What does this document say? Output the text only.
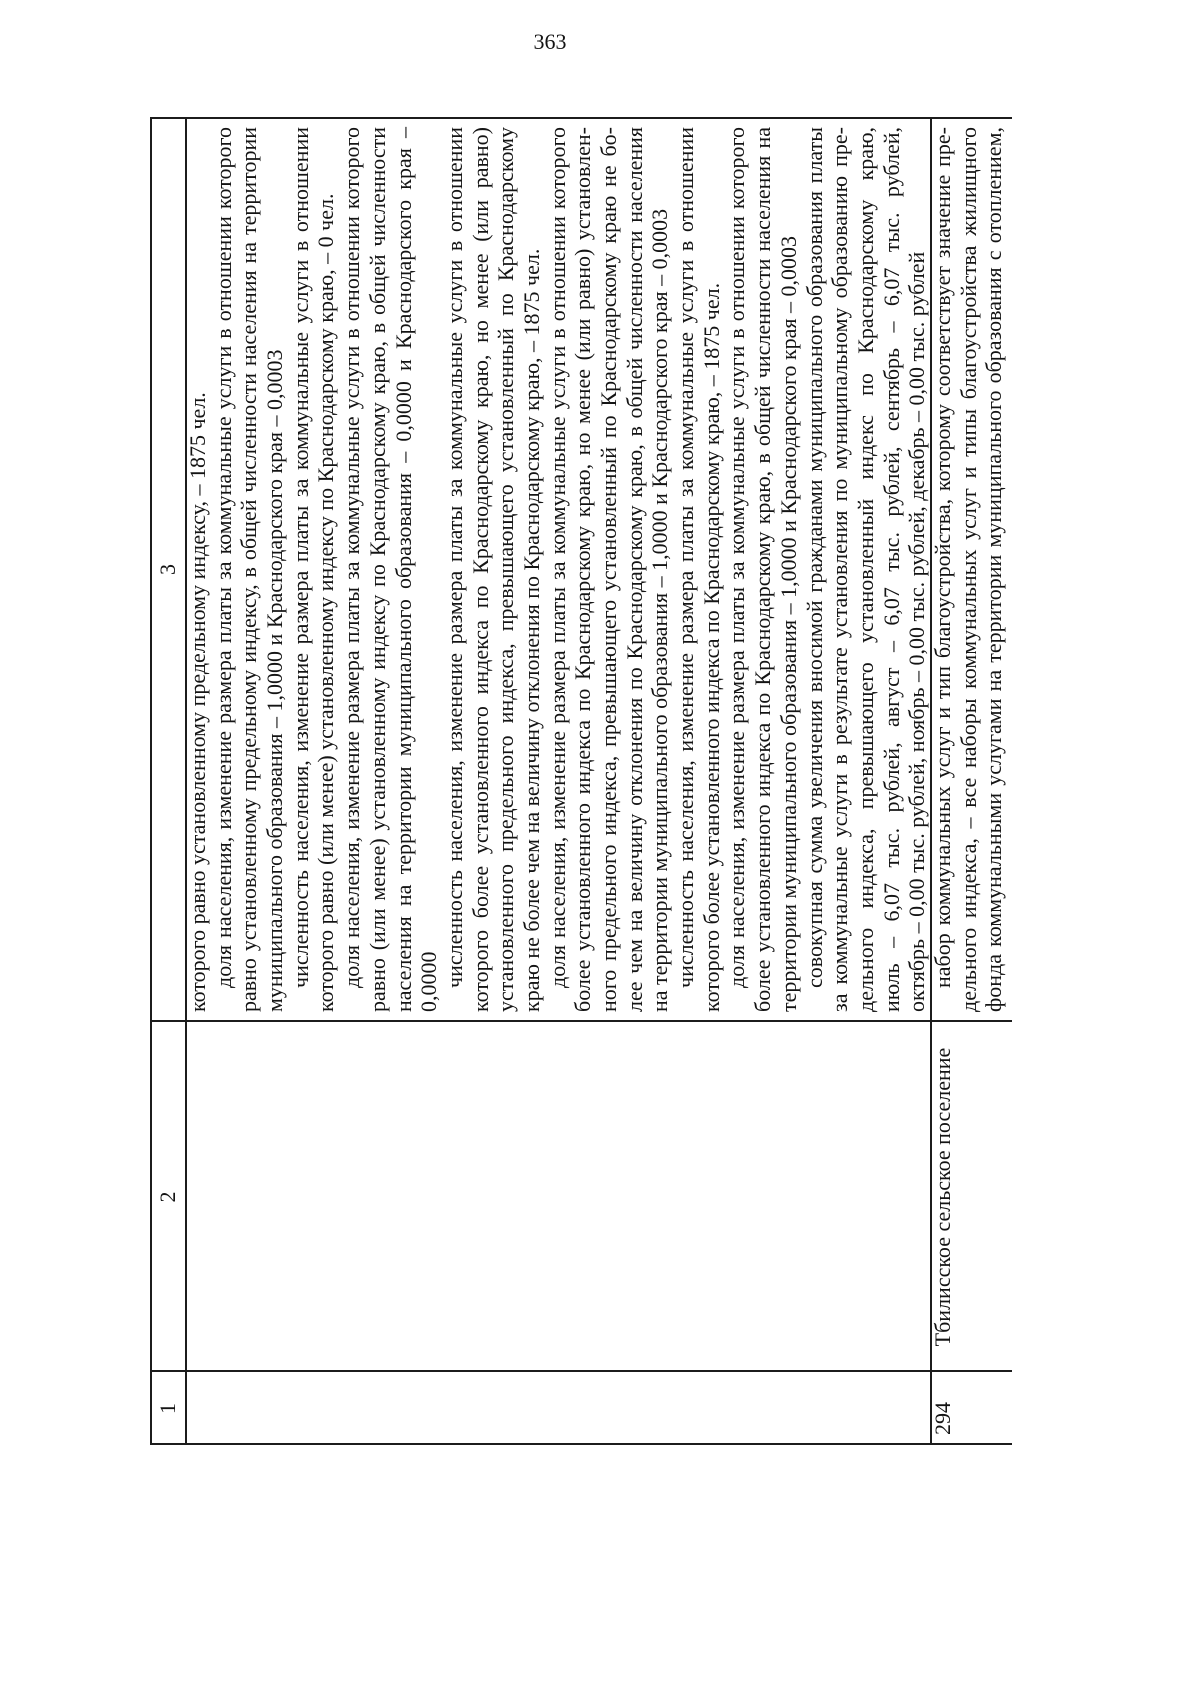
363
1
2
3 которого равно установленному предельному индексу, – 1875 чел. доля населения, изменение размера платы за коммунальные услуги в отношении которого равно установленному предельному индексу, в общей численности населения на территории муниципального образования – 1,0000 и Краснодарского края – 0,0003 численность населения, изменение размера платы за коммунальные услуги в отношении которого равно (или менее) установленному индексу по Краснодарскому краю, – 0 чел. доля населения, изменение размера платы за коммунальные услуги в отношении которого равно (или менее) установленному индексу по Краснодарскому краю, в общей численности населения на территории муниципального образования – 0,0000 и Краснодарского края – 0,0000 численность населения, изменение размера платы за коммунальные услуги в отношении которого более установленного индекса по Краснодарскому краю, но менее (или равно) установленного предельного индекса, превышающего установленный по Краснодарскому краю не более чем на величину отклонения по Краснодарскому краю, – 1875 чел. доля населения, изменение размера платы за коммунальные услуги в отношении которого более установленного индекса по Краснодарскому краю, но менее (или равно) установлен- ного предельного индекса, превышающего установленный по Краснодарскому краю не бо- лее чем на величину отклонения по Краснодарскому краю, в общей численности населения на территории муниципального образования – 1,0000 и Краснодарского края – 0,0003 численность населения, изменение размера платы за коммунальные услуги в отношении которого более установленного индекса по Краснодарскому краю, – 1875 чел. доля населения, изменение размера платы за коммунальные услуги в отношении которого более установленного индекса по Краснодарскому краю, в общей численности населения на территории муниципального образования – 1,0000 и Краснодарского края – 0,0003 совокупная сумма увеличения вносимой гражданами муниципального образования платы за коммунальные услуги в результате установления по муниципальному образованию пре- дельного индекса, превышающего установленный индекс по Краснодарскому краю, июль – 6,07 тыс. рублей, август – 6,07 тыс. рублей, сентябрь – 6,07 тыс. рублей, октябрь – 0,00 тыс. рублей, ноябрь – 0,00 тыс. рублей, декабрь – 0,00 тыс. рублей
294
Тбилисское сельское поселение
набор коммунальных услуг и тип благоустройства, которому соответствует значение пре- дельного индекса, – все наборы коммунальных услуг и типы благоустройства жилищного фонда коммунальными услугами на территории муниципального образования с отоплением,
